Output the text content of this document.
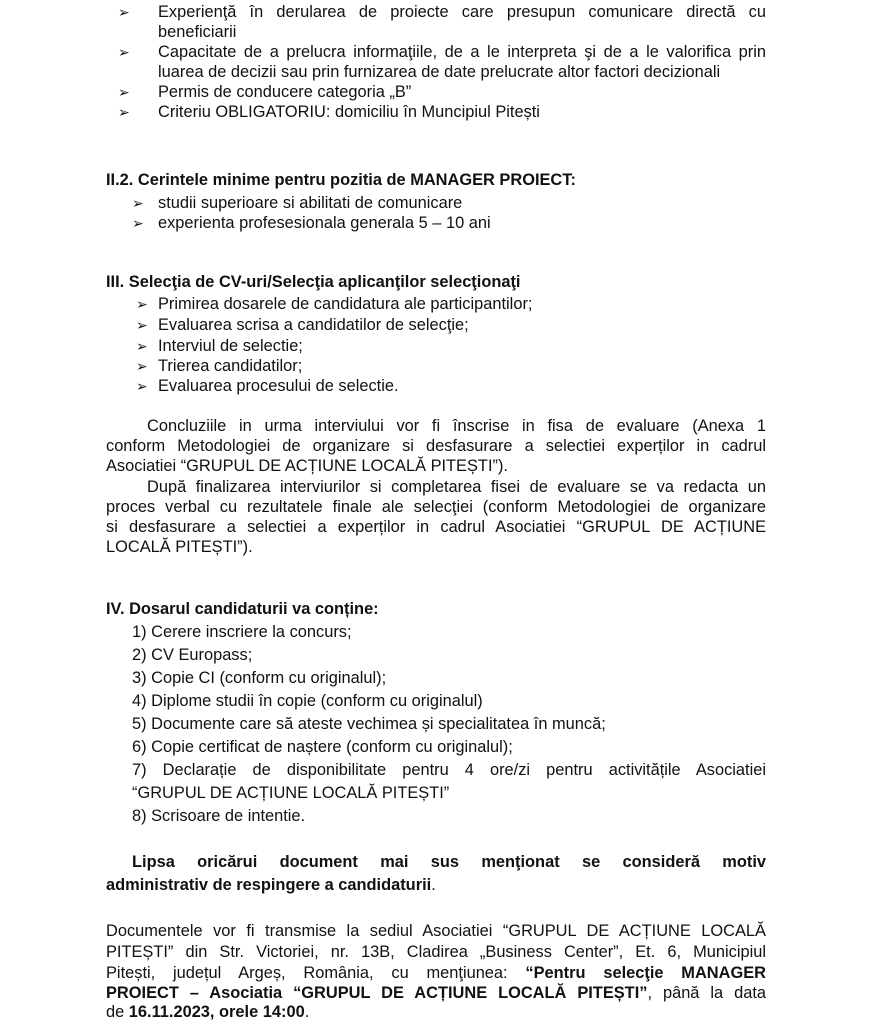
➢ Experienţă în derularea de proiecte care presupun comunicare directă cu
beneficiarii
➢ Capacitate de a prelucra informaţiile, de a le interpreta şi de a le valorifica prin
luarea de decizii sau prin furnizarea de date prelucrate altor factori decizionali
➢ Permis de conducere categoria „B”
➢ Criteriu OBLIGATORIU: domiciliu în Muncipiul Pitești
II.2. Cerintele minime pentru pozitia de MANAGER PROIECT:
➢ studii superioare si abilitati de comunicare
➢ experienta profesesionala generala 5 – 10 ani
III. Selecţia de CV-uri/Selecţia aplicanţilor selecţionaţi
➢ Primirea dosarele de candidatura ale participantilor;
➢ Evaluarea scrisa a candidatilor de selecţie;
➢ Interviul de selectie;
➢ Trierea candidatilor;
➢ Evaluarea procesului de selectie.
Concluziile in urma interviului vor fi înscrise in fisa de evaluare (Anexa 1
conform Metodologiei de organizare si desfasurare a selectiei experților in cadrul
Asociatiei “GRUPUL DE ACȚIUNE LOCALĂ PITEȘTI”).
După finalizarea interviurilor si completarea fisei de evaluare se va redacta un
proces verbal cu rezultatele finale ale selecţiei (conform Metodologiei de organizare
si desfasurare a selectiei a experților in cadrul Asociatiei “GRUPUL DE ACȚIUNE
LOCALĂ PITEȘTI”).
IV. Dosarul candidaturii va conține:
1) Cerere inscriere la concurs;
2) CV Europass;
3) Copie CI (conform cu originalul);
4) Diplome studii în copie (conform cu originalul)
5) Documente care să ateste vechimea și specialitatea în muncă;
6) Copie certificat de naștere (conform cu originalul);
7) Declarație de disponibilitate pentru 4 ore/zi pentru activitățile Asociatiei
“GRUPUL DE ACȚIUNE LOCALĂ PITEȘTI”
8) Scrisoare de intentie.
Lipsa oricărui document mai sus menţionat se consideră motiv
administrativ de respingere a candidaturii.
Documentele vor fi transmise la sediul Asociatiei “GRUPUL DE ACȚIUNE LOCALĂ
PITEȘTI” din Str. Victoriei, nr. 13B, Cladirea „Business Center”, Et. 6, Municipiul
Pitești, județul Argeș, România, cu menţiunea: “Pentru selecţie MANAGER
PROIECT – Asociatia “GRUPUL DE ACȚIUNE LOCALĂ PITEȘTI”, până la data
de 16.11.2023, orele 14:00.
